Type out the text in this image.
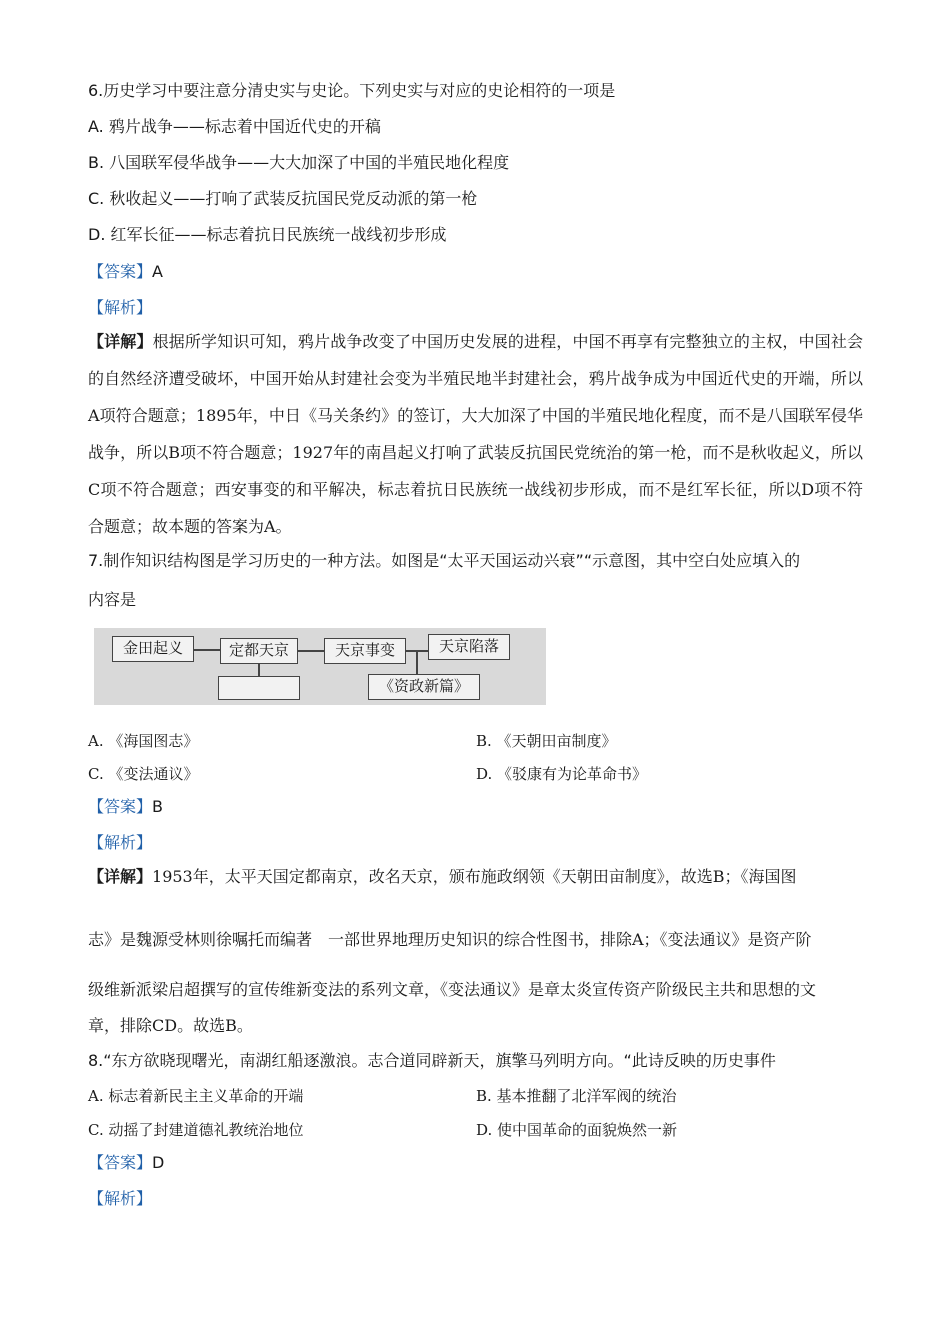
6.历史学习中要注意分清史实与史论。下列史实与对应的史论相符的一项是
A. 鸦片战争——标志着中国近代史的开稿
B. 八国联军侵华战争——大大加深了中国的半殖民地化程度
C. 秋收起义——打响了武装反抗国民党反动派的第一枪
D. 红军长征——标志着抗日民族统一战线初步形成
【答案】A
【解析】
【详解】根据所学知识可知，鸦片战争改变了中国历史发展的进程，中国不再享有完整独立的主权，中国社会的自然经济遭受破坏，中国开始从封建社会变为半殖民地半封建社会，鸦片战争成为中国近代史的开端，所以A项符合题意；1895年，中日《马关条约》的签订，大大加深了中国的半殖民地化程度，而不是八国联军侵华战争，所以B项不符合题意；1927年的南昌起义打响了武装反抗国民党统治的第一枪，而不是秋收起义，所以C项不符合题意；西安事变的和平解决，标志着抗日民族统一战线初步形成，而不是红军长征，所以D项不符合题意；故本题的答案为A。
7.制作知识结构图是学习历史的一种方法。如图是“太平天国运动兴衰”“示意图，其中空白处应填入的
内容是
金田起义	定都天京	天京事变	天京陷落
《资政新篇》
A. 《海国图志》	B. 《天朝田亩制度》
C. 《变法通议》	D. 《驳康有为论革命书》
【答案】B
【解析】
【详解】1953年，太平天国定都南京，改名天京，颁布施政纲领《天朝田亩制度》，故选B；《海国图
志》是魏源受林则徐嘱托而编著　一部世界地理历史知识的综合性图书，排除A；《变法通议》是资产阶
级维新派梁启超撰写的宣传维新变法的系列文章，《变法通议》是章太炎宣传资产阶级民主共和思想的文
章，排除CD。故选B。
8.“东方欲晓现曙光，南湖红船逐激浪。志合道同辟新天，旗擎马列明方向。“此诗反映的历史事件
A. 标志着新民主主义革命的开端	B. 基本推翻了北洋军阀的统治
C. 动摇了封建道德礼教统治地位	D. 使中国革命的面貌焕然一新
【答案】D
【解析】
